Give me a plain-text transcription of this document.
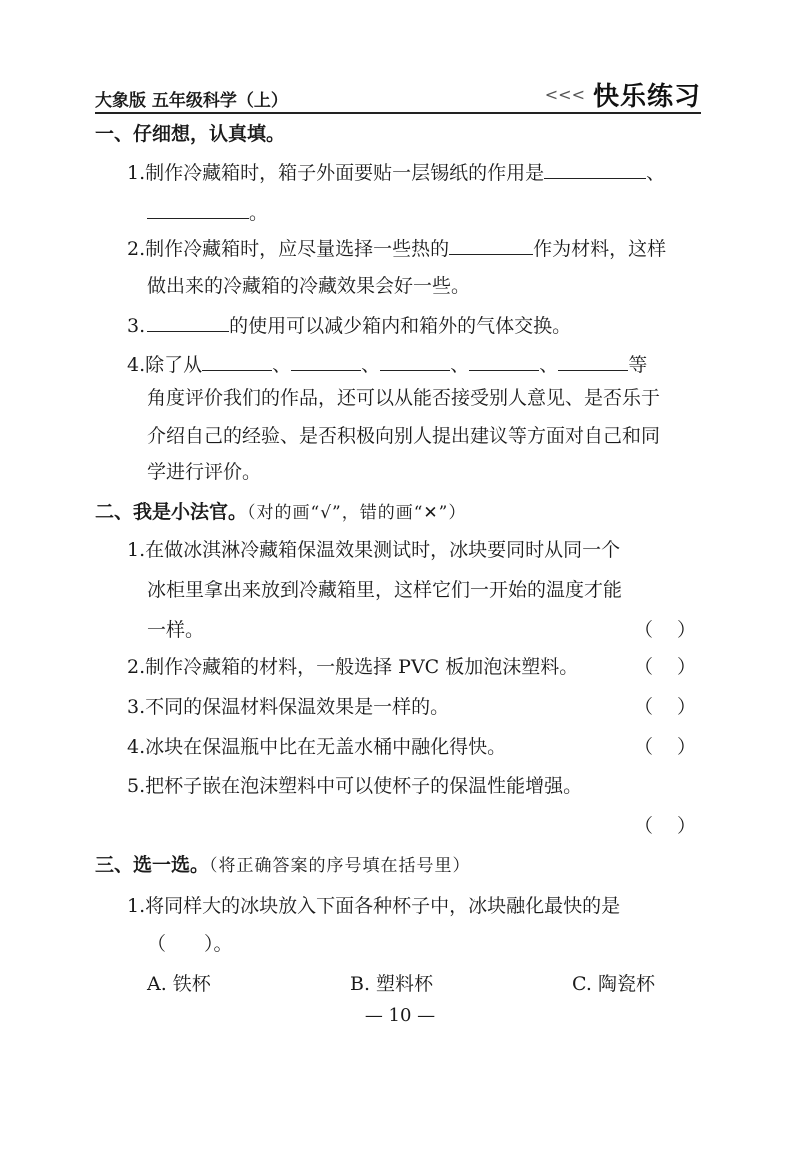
大象版 五年级科学（上）	<<< 快乐练习
一、仔细想，认真填。
1.制作冷藏箱时，箱子外面要贴一层锡纸的作用是	、
。
2.制作冷藏箱时，应尽量选择一些热的	作为材料，这样
做出来的冷藏箱的冷藏效果会好一些。
3.	的使用可以减少箱内和箱外的气体交换。
4.除了从	、	、	、	、	等
角度评价我们的作品，还可以从能否接受别人意见、是否乐于
介绍自己的经验、是否积极向别人提出建议等方面对自己和同
学进行评价。
二、我是小法官。（对的画“√”，错的画“✕”）
1.在做冰淇淋冷藏箱保温效果测试时，冰块要同时从同一个
冰柜里拿出来放到冷藏箱里，这样它们一开始的温度才能
一样。	（ ）
2.制作冷藏箱的材料，一般选择 PVC 板加泡沫塑料。	（ ）
3.不同的保温材料保温效果是一样的。	（ ）
4.冰块在保温瓶中比在无盖水桶中融化得快。	（ ）
5.把杯子嵌在泡沫塑料中可以使杯子的保温性能增强。
（ ）
三、选一选。（将正确答案的序号填在括号里）
1.将同样大的冰块放入下面各种杯子中，冰块融化最快的是
（　　）。
A. 铁杯	B. 塑料杯	C. 陶瓷杯
— 10 —
